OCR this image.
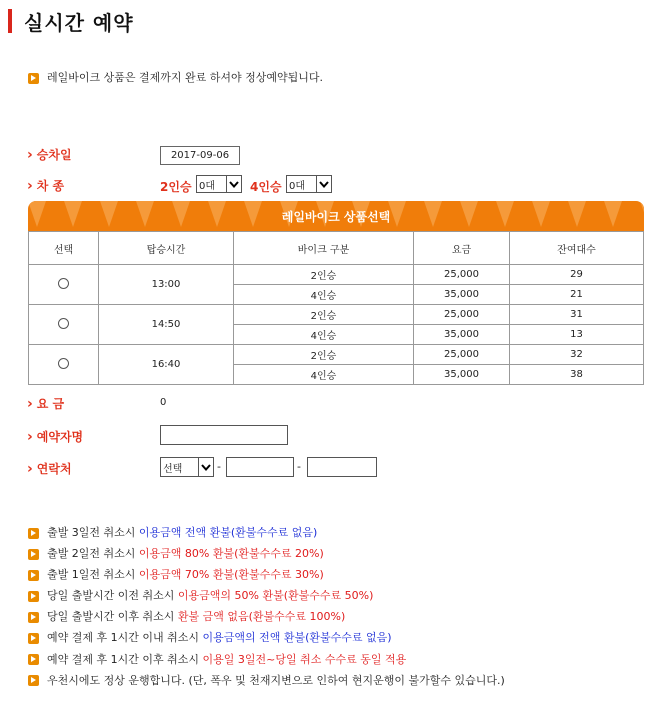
실시간 예약
레일바이크 상품은 결제까지 완료 하셔야 정상예약됩니다.
› 승차일	2017-09-06
› 차 종	2인승 0대	4인승 0대
레일바이크 상품선택
선택	탑승시간	바이크 구분	요금	잔여대수
	13:00	2인승	25,000	29
		4인승	35,000	21
	14:50	2인승	25,000	31
		4인승	35,000	13
	16:40	2인승	25,000	32
		4인승	35,000	38
› 요 금	0
› 예약자명
› 연락처	선택	-	-
출발 3일전 취소시 이용금액 전액 환불(환불수수료 없음)
출발 2일전 취소시 이용금액 80% 환불(환불수수료 20%)
출발 1일전 취소시 이용금액 70% 환불(환불수수료 30%)
당일 출발시간 이전 취소시 이용금액의 50% 환불(환불수수료 50%)
당일 출발시간 이후 취소시 환불 금액 없음(환불수수료 100%)
예약 결제 후 1시간 이내 취소시 이용금액의 전액 환불(환불수수료 없음)
예약 결제 후 1시간 이후 취소시 이용일 3일전~당일 취소 수수료 동일 적용
우천시에도 정상 운행합니다. (단, 폭우 및 천재지변으로 인하여 현지운행이 불가할수 있습니다.)
